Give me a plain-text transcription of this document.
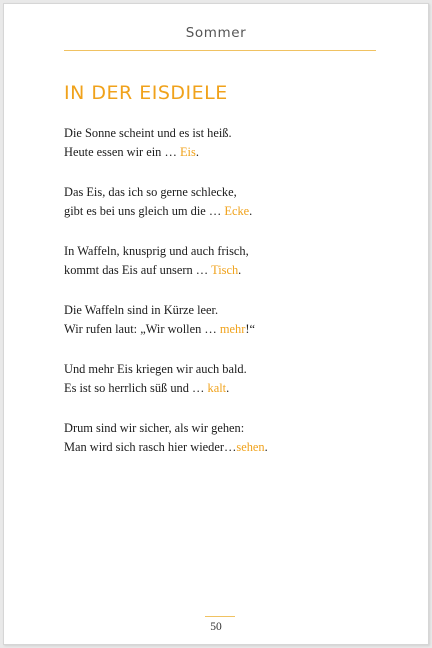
Sommer
IN DER EISDIELE
Die Sonne scheint und es ist heiß.
Heute essen wir ein … Eis.
Das Eis, das ich so gerne schlecke,
gibt es bei uns gleich um die … Ecke.
In Waffeln, knusprig und auch frisch,
kommt das Eis auf unsern … Tisch.
Die Waffeln sind in Kürze leer.
Wir rufen laut: „Wir wollen … mehr!“
Und mehr Eis kriegen wir auch bald.
Es ist so herrlich süß und … kalt.
Drum sind wir sicher, als wir gehen:
Man wird sich rasch hier wieder…sehen.
50
